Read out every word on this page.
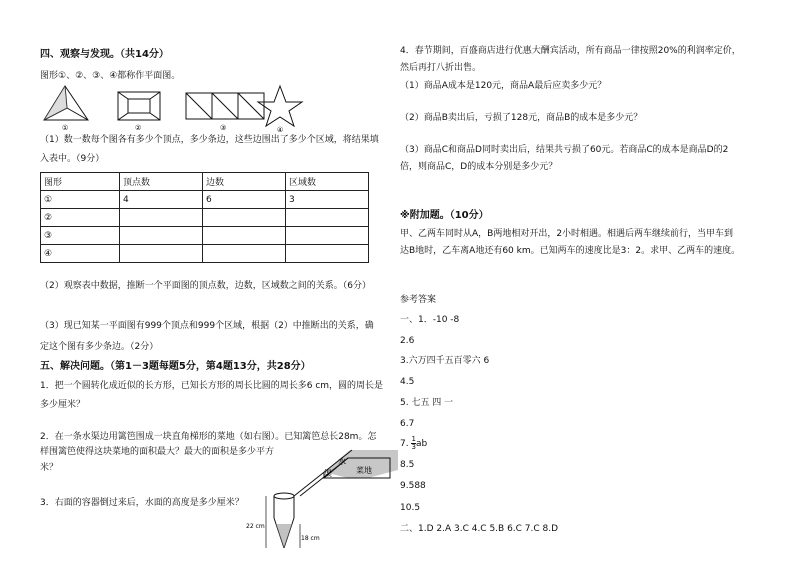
四、观察与发现。（共14分）
图形①、②、③、④都称作平面图。
①	②	③	④
（1）数一数每个图各有多少个顶点，多少条边，这些边围出了多少个区域，将结果填
入表中。（9分）
图形	顶点数	边数	区域数
①	4	6	3
②			
③			
④			
（2）观察表中数据，推断一个平面图的顶点数，边数，区域数之间的关系。（6分）
（3）现已知某一平面图有999个顶点和999个区域，根据（2）中推断出的关系，确
定这个图有多少条边。（2分）
五、解决问题。（第1－3题每题5分，第4题13分，共28分）
1．把一个圆转化成近似的长方形，已知长方形的周长比圆的周长多6 cm，圆的周长是
多少厘米？
2．在一条水渠边用篱笆围成一块直角梯形的菜地（如右图）。已知篱笆总长28m。怎
样围篱笆使得这块菜地的面积最大？最大的面积是多少平方
米？
水
渠	菜地
3．右面的容器倒过来后，水面的高度是多少厘米？
22 cm
18 cm
4．春节期间，百盛商店进行优惠大酬宾活动，所有商品一律按照20%的利润率定价，
然后再打八折出售。
（1）商品A成本是120元，商品A最后应卖多少元？
（2）商品B卖出后，亏损了128元，商品B的成本是多少元？
（3）商品C和商品D同时卖出后，结果共亏损了60元。若商品C的成本是商品D的2
倍，则商品C，D的成本分别是多少元？
※附加题。（10分）
甲、乙两车同时从A，B两地相对开出，2小时相遇。相遇后两车继续前行，当甲车到
达B地时，乙车离A地还有60 km。已知两车的速度比是3：2。求甲、乙两车的速度。
参考答案
一、1．-10 -8
2.6
3.六万四千五百零六 6
4.5
5. 七五 四 一
6.7
7. $\frac{1}{3}$ ab
8.5
9.588
10.5
二、1.D 2.A 3.C 4.C 5.B 6.C 7.C 8.D
